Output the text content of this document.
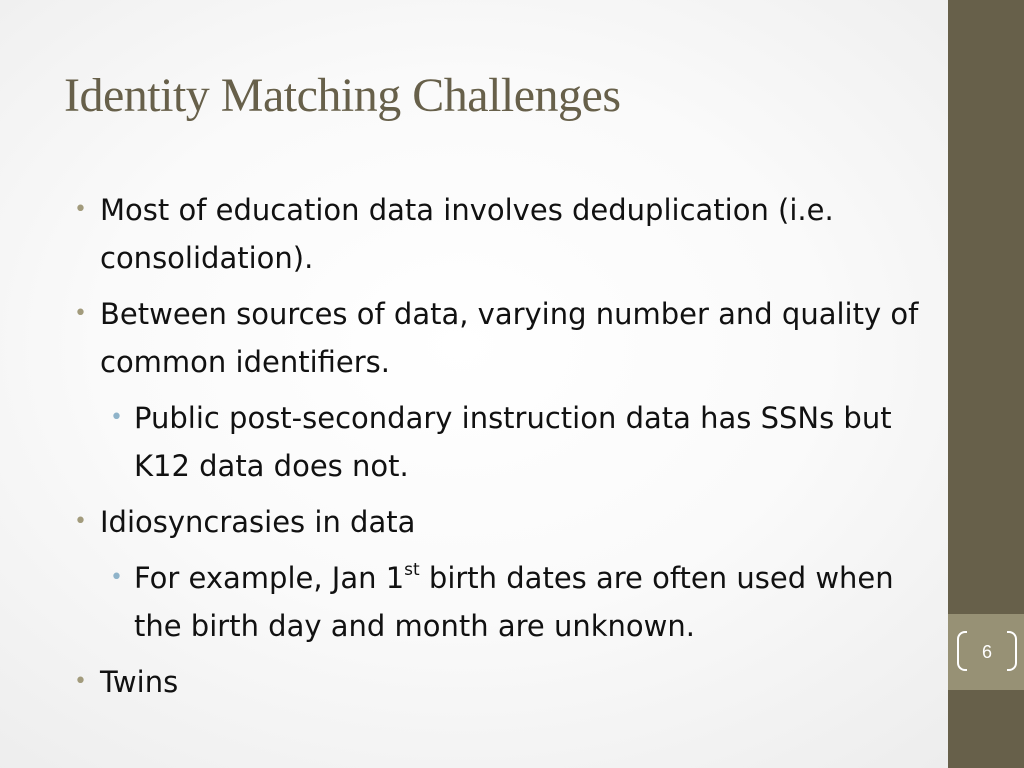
6
Identity Matching Challenges
• Most of education data involves deduplication (i.e. consolidation).
• Between sources of data, varying number and quality of common identifiers.
• Public post-secondary instruction data has SSNs but K12 data does not.
• Idiosyncrasies in data
• For example, Jan 1st birth dates are often used when the birth day and month are unknown.
• Twins
